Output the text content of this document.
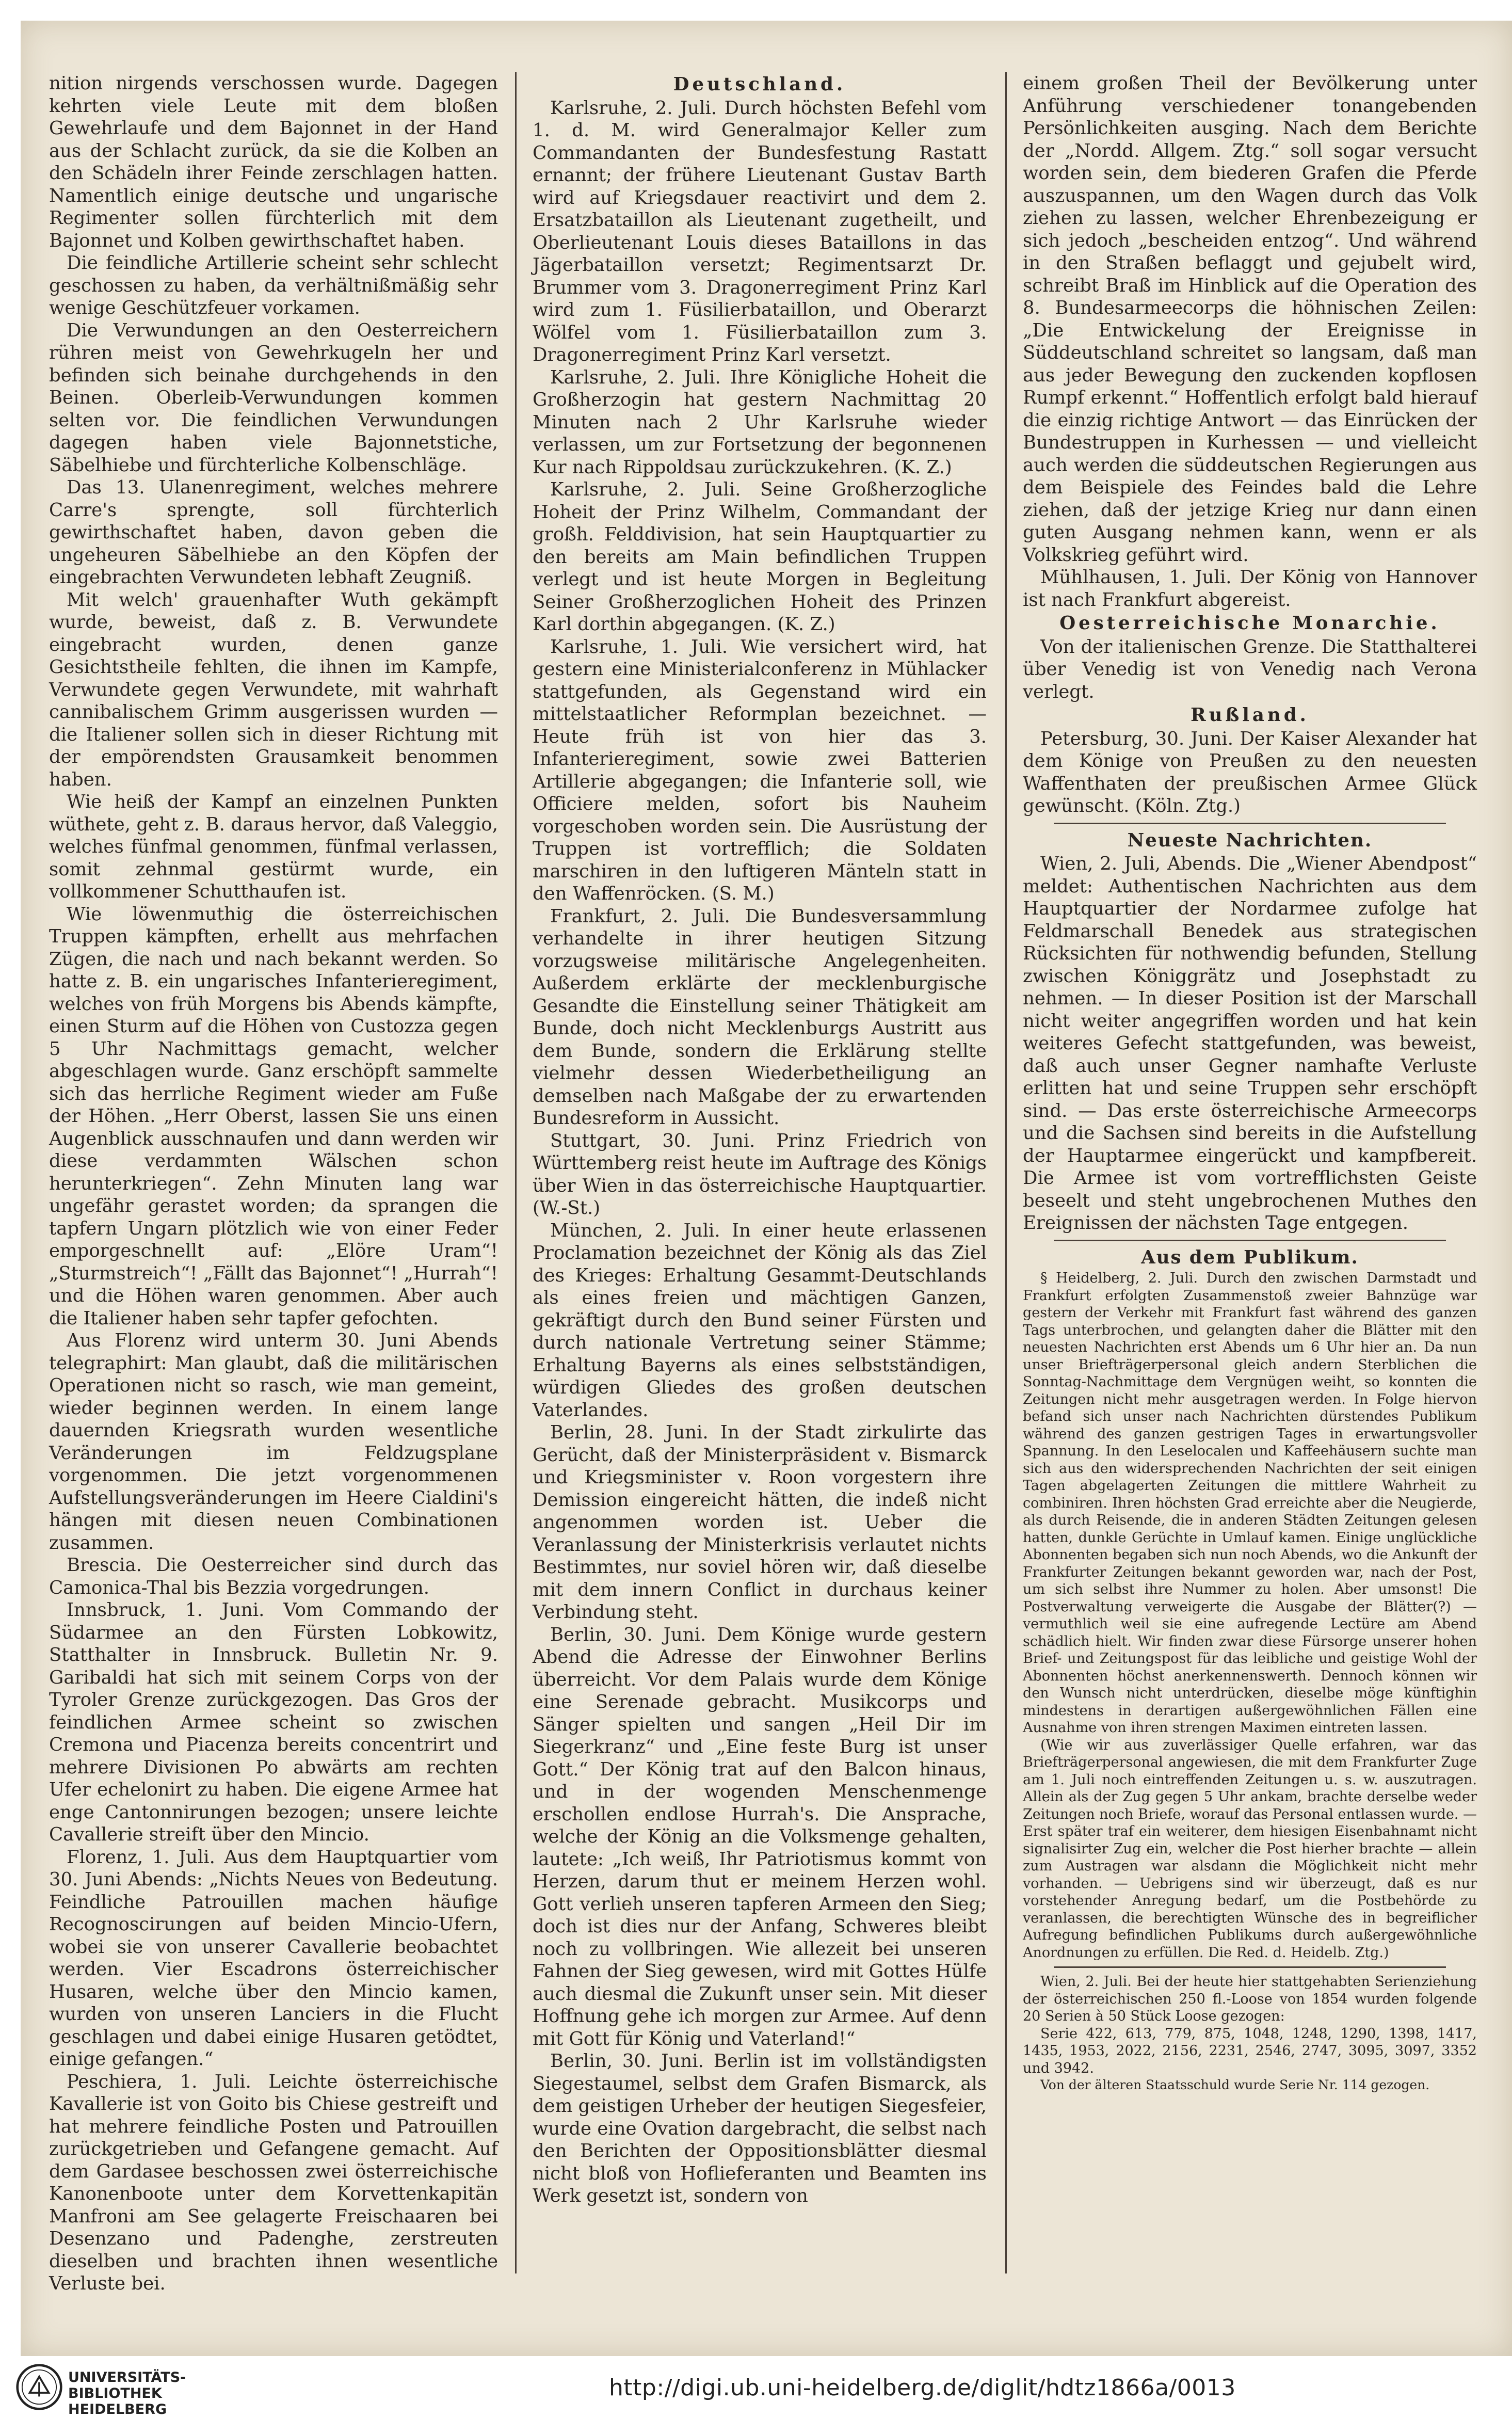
nition nirgends verschossen wurde. Dagegen kehrten viele Leute mit dem bloßen Gewehrlaufe und dem Bajonnet in der Hand aus der Schlacht zurück, da sie die Kolben an den Schädeln ihrer Feinde zerschlagen hatten. Namentlich einige deutsche und ungarische Regimenter sollen fürchterlich mit dem Bajonnet und Kolben gewirthschaftet haben.

Die feindliche Artillerie scheint sehr schlecht geschossen zu haben, da verhältnißmäßig sehr wenige Geschützfeuer vorkamen.

Die Verwundungen an den Oesterreichern rühren meist von Gewehrkugeln her und befinden sich beinahe durchgehends in den Beinen. Oberleib-Verwundungen kommen selten vor. Die feindlichen Verwundungen dagegen haben viele Bajonnetstiche, Säbelhiebe und fürchterliche Kolbenschläge.

Das 13. Ulanenregiment, welches mehrere Carre's sprengte, soll fürchterlich gewirthschaftet haben, davon geben die ungeheuren Säbelhiebe an den Köpfen der eingebrachten Verwundeten lebhaft Zeugniß.

Mit welch' grauenhafter Wuth gekämpft wurde, beweist, daß z. B. Verwundete eingebracht wurden, denen ganze Gesichtstheile fehlten, die ihnen im Kampfe, Verwundete gegen Verwundete, mit wahrhaft cannibalischem Grimm ausgerissen wurden — die Italiener sollen sich in dieser Richtung mit der empörendsten Grausamkeit benommen haben.

Wie heiß der Kampf an einzelnen Punkten wüthete, geht z. B. daraus hervor, daß Valeggio, welches fünfmal genommen, fünfmal verlassen, somit zehnmal gestürmt wurde, ein vollkommener Schutthaufen ist.

Wie löwenmuthig die österreichischen Truppen kämpften, erhellt aus mehrfachen Zügen, die nach und nach bekannt werden. So hatte z. B. ein ungarisches Infanterieregiment, welches von früh Morgens bis Abends kämpfte, einen Sturm auf die Höhen von Custozza gegen 5 Uhr Nachmittags gemacht, welcher abgeschlagen wurde. Ganz erschöpft sammelte sich das herrliche Regiment wieder am Fuße der Höhen. „Herr Oberst, lassen Sie uns einen Augenblick ausschnaufen und dann werden wir diese verdammten Wälschen schon herunterkriegen“. Zehn Minuten lang war ungefähr gerastet worden; da sprangen die tapfern Ungarn plötzlich wie von einer Feder emporgeschnellt auf: „Elöre Uram“! „Sturmstreich“! „Fällt das Bajonnet“! „Hurrah“! und die Höhen waren genommen. Aber auch die Italiener haben sehr tapfer gefochten.

Aus Florenz wird unterm 30. Juni Abends telegraphirt: Man glaubt, daß die militärischen Operationen nicht so rasch, wie man gemeint, wieder beginnen werden. In einem lange dauernden Kriegsrath wurden wesentliche Veränderungen im Feldzugsplane vorgenommen. Die jetzt vorgenommenen Aufstellungsveränderungen im Heere Cialdini's hängen mit diesen neuen Combinationen zusammen.

Brescia. Die Oesterreicher sind durch das Camonica-Thal bis Bezzia vorgedrungen.

Innsbruck, 1. Juni. Vom Commando der Südarmee an den Fürsten Lobkowitz, Statthalter in Innsbruck. Bulletin Nr. 9. Garibaldi hat sich mit seinem Corps von der Tyroler Grenze zurückgezogen. Das Gros der feindlichen Armee scheint so zwischen Cremona und Piacenza bereits concentrirt und mehrere Divisionen Po abwärts am rechten Ufer echelonirt zu haben. Die eigene Armee hat enge Cantonnirungen bezogen; unsere leichte Cavallerie streift über den Mincio.

Florenz, 1. Juli. Aus dem Hauptquartier vom 30. Juni Abends: „Nichts Neues von Bedeutung. Feindliche Patrouillen machen häufige Recognoscirungen auf beiden Mincio-Ufern, wobei sie von unserer Cavallerie beobachtet werden. Vier Escadrons österreichischer Husaren, welche über den Mincio kamen, wurden von unseren Lanciers in die Flucht geschlagen und dabei einige Husaren getödtet, einige gefangen.“

Peschiera, 1. Juli. Leichte österreichische Kavallerie ist von Goito bis Chiese gestreift und hat mehrere feindliche Posten und Patrouillen zurückgetrieben und Gefangene gemacht. Auf dem Gardasee beschossen zwei österreichische Kanonenboote unter dem Korvettenkapitän Manfroni am See gelagerte Freischaaren bei Desenzano und Padenghe, zerstreuten dieselben und brachten ihnen wesentliche Verluste bei.

Deutschland.

Karlsruhe, 2. Juli. Durch höchsten Befehl vom 1. d. M. wird Generalmajor Keller zum Commandanten der Bundesfestung Rastatt ernannt; der frühere Lieutenant Gustav Barth wird auf Kriegsdauer reactivirt und dem 2. Ersatzbataillon als Lieutenant zugetheilt, und Oberlieutenant Louis dieses Bataillons in das Jägerbataillon versetzt; Regimentsarzt Dr. Brummer vom 3. Dragonerregiment Prinz Karl wird zum 1. Füsilierbataillon, und Oberarzt Wölfel vom 1. Füsilierbataillon zum 3. Dragonerregiment Prinz Karl versetzt.

Karlsruhe, 2. Juli. Ihre Königliche Hoheit die Großherzogin hat gestern Nachmittag 20 Minuten nach 2 Uhr Karlsruhe wieder verlassen, um zur Fortsetzung der begonnenen Kur nach Rippoldsau zurückzukehren. (K. Z.)

Karlsruhe, 2. Juli. Seine Großherzogliche Hoheit der Prinz Wilhelm, Commandant der großh. Felddivision, hat sein Hauptquartier zu den bereits am Main befindlichen Truppen verlegt und ist heute Morgen in Begleitung Seiner Großherzoglichen Hoheit des Prinzen Karl dorthin abgegangen. (K. Z.)

Karlsruhe, 1. Juli. Wie versichert wird, hat gestern eine Ministerialconferenz in Mühlacker stattgefunden, als Gegenstand wird ein mittelstaatlicher Reformplan bezeichnet. — Heute früh ist von hier das 3. Infanterieregiment, sowie zwei Batterien Artillerie abgegangen; die Infanterie soll, wie Officiere melden, sofort bis Nauheim vorgeschoben worden sein. Die Ausrüstung der Truppen ist vortrefflich; die Soldaten marschiren in den luftigeren Mänteln statt in den Waffenröcken. (S. M.)

Frankfurt, 2. Juli. Die Bundesversammlung verhandelte in ihrer heutigen Sitzung vorzugsweise militärische Angelegenheiten. Außerdem erklärte der mecklenburgische Gesandte die Einstellung seiner Thätigkeit am Bunde, doch nicht Mecklenburgs Austritt aus dem Bunde, sondern die Erklärung stellte vielmehr dessen Wiederbetheiligung an demselben nach Maßgabe der zu erwartenden Bundesreform in Aussicht.

Stuttgart, 30. Juni. Prinz Friedrich von Württemberg reist heute im Auftrage des Königs über Wien in das österreichische Hauptquartier. (W.-St.)

München, 2. Juli. In einer heute erlassenen Proclamation bezeichnet der König als das Ziel des Krieges: Erhaltung Gesammt-Deutschlands als eines freien und mächtigen Ganzen, gekräftigt durch den Bund seiner Fürsten und durch nationale Vertretung seiner Stämme; Erhaltung Bayerns als eines selbstständigen, würdigen Gliedes des großen deutschen Vaterlandes.

Berlin, 28. Juni. In der Stadt zirkulirte das Gerücht, daß der Ministerpräsident v. Bismarck und Kriegsminister v. Roon vorgestern ihre Demission eingereicht hätten, die indeß nicht angenommen worden ist. Ueber die Veranlassung der Ministerkrisis verlautet nichts Bestimmtes, nur soviel hören wir, daß dieselbe mit dem innern Conflict in durchaus keiner Verbindung steht.

Berlin, 30. Juni. Dem Könige wurde gestern Abend die Adresse der Einwohner Berlins überreicht. Vor dem Palais wurde dem Könige eine Serenade gebracht. Musikcorps und Sänger spielten und sangen „Heil Dir im Siegerkranz“ und „Eine feste Burg ist unser Gott.“ Der König trat auf den Balcon hinaus, und in der wogenden Menschenmenge erschollen endlose Hurrah's. Die Ansprache, welche der König an die Volksmenge gehalten, lautete: „Ich weiß, Ihr Patriotismus kommt von Herzen, darum thut er meinem Herzen wohl. Gott verlieh unseren tapferen Armeen den Sieg; doch ist dies nur der Anfang, Schweres bleibt noch zu vollbringen. Wie allezeit bei unseren Fahnen der Sieg gewesen, wird mit Gottes Hülfe auch diesmal die Zukunft unser sein. Mit dieser Hoffnung gehe ich morgen zur Armee. Auf denn mit Gott für König und Vaterland!“

Berlin, 30. Juni. Berlin ist im vollständigsten Siegestaumel, selbst dem Grafen Bismarck, als dem geistigen Urheber der heutigen Siegesfeier, wurde eine Ovation dargebracht, die selbst nach den Berichten der Oppositionsblätter diesmal nicht bloß von Hoflieferanten und Beamten ins Werk gesetzt ist, sondern von

einem großen Theil der Bevölkerung unter Anführung verschiedener tonangebenden Persönlichkeiten ausging. Nach dem Berichte der „Nordd. Allgem. Ztg.“ soll sogar versucht worden sein, dem biederen Grafen die Pferde auszuspannen, um den Wagen durch das Volk ziehen zu lassen, welcher Ehrenbezeigung er sich jedoch „bescheiden entzog“. Und während in den Straßen beflaggt und gejubelt wird, schreibt Braß im Hinblick auf die Operation des 8. Bundesarmeecorps die höhnischen Zeilen: „Die Entwickelung der Ereignisse in Süddeutschland schreitet so langsam, daß man aus jeder Bewegung den zuckenden kopflosen Rumpf erkennt.“ Hoffentlich erfolgt bald hierauf die einzig richtige Antwort — das Einrücken der Bundestruppen in Kurhessen — und vielleicht auch werden die süddeutschen Regierungen aus dem Beispiele des Feindes bald die Lehre ziehen, daß der jetzige Krieg nur dann einen guten Ausgang nehmen kann, wenn er als Volkskrieg geführt wird.

Mühlhausen, 1. Juli. Der König von Hannover ist nach Frankfurt abgereist.

Oesterreichische Monarchie.

Von der italienischen Grenze. Die Statthalterei über Venedig ist von Venedig nach Verona verlegt.

Rußland.

Petersburg, 30. Juni. Der Kaiser Alexander hat dem Könige von Preußen zu den neuesten Waffenthaten der preußischen Armee Glück gewünscht. (Köln. Ztg.)

Neueste Nachrichten.

Wien, 2. Juli, Abends. Die „Wiener Abendpost“ meldet: Authentischen Nachrichten aus dem Hauptquartier der Nordarmee zufolge hat Feldmarschall Benedek aus strategischen Rücksichten für nothwendig befunden, Stellung zwischen Königgrätz und Josephstadt zu nehmen. — In dieser Position ist der Marschall nicht weiter angegriffen worden und hat kein weiteres Gefecht stattgefunden, was beweist, daß auch unser Gegner namhafte Verluste erlitten hat und seine Truppen sehr erschöpft sind. — Das erste österreichische Armeecorps und die Sachsen sind bereits in die Aufstellung der Hauptarmee eingerückt und kampfbereit. Die Armee ist vom vortrefflichsten Geiste beseelt und steht ungebrochenen Muthes den Ereignissen der nächsten Tage entgegen.

Aus dem Publikum.

§ Heidelberg, 2. Juli. Durch den zwischen Darmstadt und Frankfurt erfolgten Zusammenstoß zweier Bahnzüge war gestern der Verkehr mit Frankfurt fast während des ganzen Tags unterbrochen, und gelangten daher die Blätter mit den neuesten Nachrichten erst Abends um 6 Uhr hier an. Da nun unser Briefträgerpersonal gleich andern Sterblichen die Sonntag-Nachmittage dem Vergnügen weiht, so konnten die Zeitungen nicht mehr ausgetragen werden. In Folge hiervon befand sich unser nach Nachrichten dürstendes Publikum während des ganzen gestrigen Tages in erwartungsvoller Spannung. In den Leselocalen und Kaffeehäusern suchte man sich aus den widersprechenden Nachrichten der seit einigen Tagen abgelagerten Zeitungen die mittlere Wahrheit zu combiniren. Ihren höchsten Grad erreichte aber die Neugierde, als durch Reisende, die in anderen Städten Zeitungen gelesen hatten, dunkle Gerüchte in Umlauf kamen. Einige unglückliche Abonnenten begaben sich nun noch Abends, wo die Ankunft der Frankfurter Zeitungen bekannt geworden war, nach der Post, um sich selbst ihre Nummer zu holen. Aber umsonst! Die Postverwaltung verweigerte die Ausgabe der Blätter(?) — vermuthlich weil sie eine aufregende Lectüre am Abend schädlich hielt. Wir finden zwar diese Fürsorge unserer hohen Brief- und Zeitungspost für das leibliche und geistige Wohl der Abonnenten höchst anerkennenswerth. Dennoch können wir den Wunsch nicht unterdrücken, dieselbe möge künftighin mindestens in derartigen außergewöhnlichen Fällen eine Ausnahme von ihren strengen Maximen eintreten lassen.

(Wie wir aus zuverlässiger Quelle erfahren, war das Briefträgerpersonal angewiesen, die mit dem Frankfurter Zuge am 1. Juli noch eintreffenden Zeitungen u. s. w. auszutragen. Allein als der Zug gegen 5 Uhr ankam, brachte derselbe weder Zeitungen noch Briefe, worauf das Personal entlassen wurde. — Erst später traf ein weiterer, dem hiesigen Eisenbahnamt nicht signalisirter Zug ein, welcher die Post hierher brachte — allein zum Austragen war alsdann die Möglichkeit nicht mehr vorhanden. — Uebrigens sind wir überzeugt, daß es nur vorstehender Anregung bedarf, um die Postbehörde zu veranlassen, die berechtigten Wünsche des in begreiflicher Aufregung befindlichen Publikums durch außergewöhnliche Anordnungen zu erfüllen. Die Red. d. Heidelb. Ztg.)

Wien, 2. Juli. Bei der heute hier stattgehabten Serienziehung der österreichischen 250 fl.-Loose von 1854 wurden folgende 20 Serien à 50 Stück Loose gezogen:

Serie 422, 613, 779, 875, 1048, 1248, 1290, 1398, 1417, 1435, 1953, 2022, 2156, 2231, 2546, 2747, 3095, 3097, 3352 und 3942.

Von der älteren Staatsschuld wurde Serie Nr. 114 gezogen.

UNIVERSITÄTS-
BIBLIOTHEK
HEIDELBERG
http://digi.ub.uni-heidelberg.de/diglit/hdtz1866a/0013
